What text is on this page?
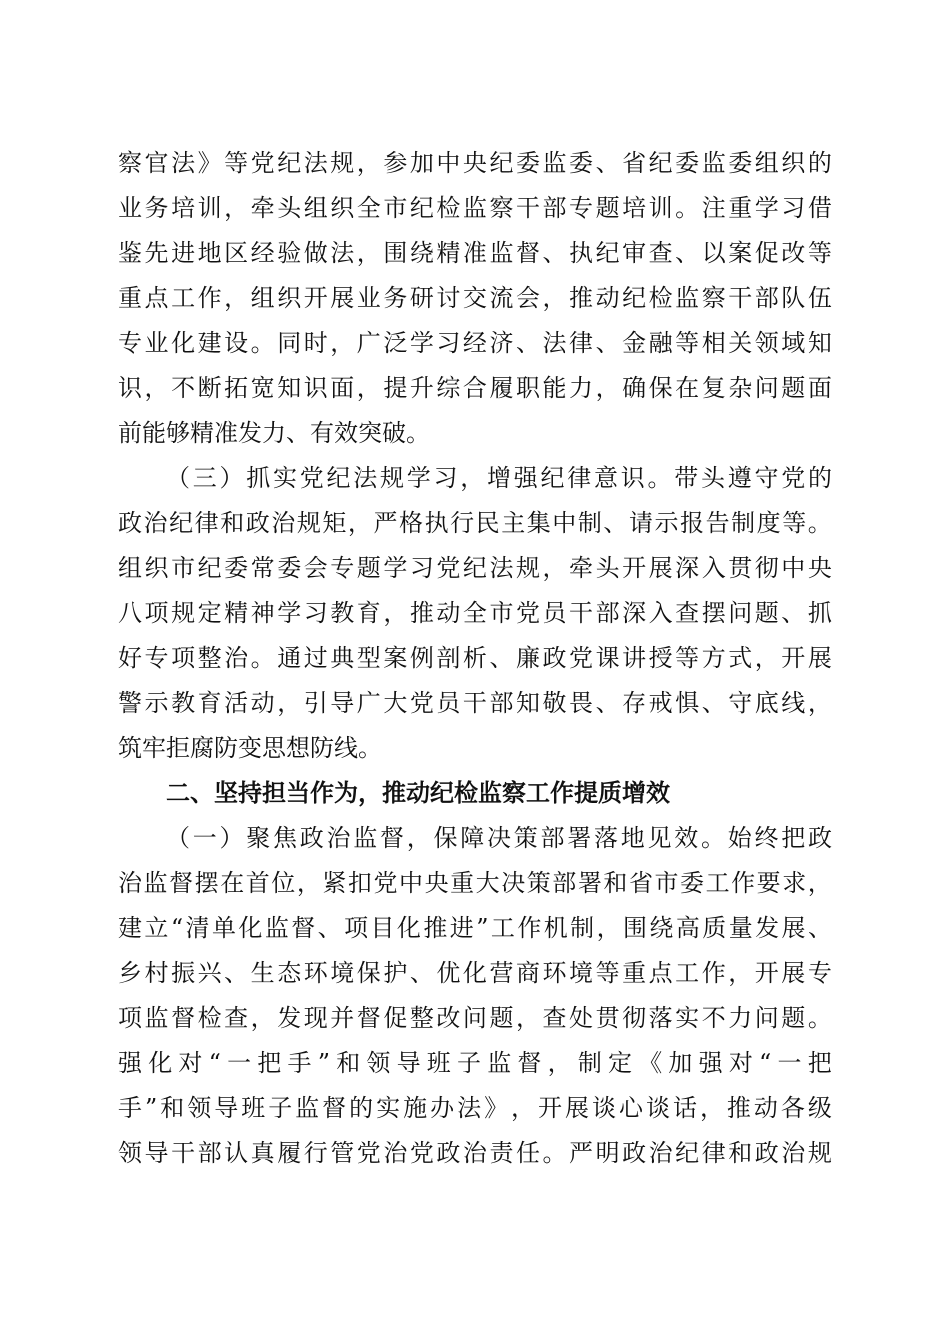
察 官 法 》 等 党 纪 法 规 ， 参 加 中 央 纪 委 监 委 、 省 纪 委 监 委 组 织 的
业 务 培 训 ， 牵 头 组 织 全 市 纪 检 监 察 干 部 专 题 培 训 。 注 重 学 习 借
鉴 先 进 地 区 经 验 做 法 ， 围 绕 精 准 监 督 、 执 纪 审 查 、 以 案 促 改 等
重 点 工 作 ， 组 织 开 展 业 务 研 讨 交 流 会 ， 推 动 纪 检 监 察 干 部 队 伍
专 业 化 建 设 。 同 时 ， 广 泛 学 习 经 济 、 法 律 、 金 融 等 相 关 领 域 知
识 ， 不 断 拓 宽 知 识 面 ， 提 升 综 合 履 职 能 力 ， 确 保 在 复 杂 问 题 面
前能够精准发力、有效突破。
（ 三 ） 抓 实 党 纪 法 规 学 习 ， 增 强 纪 律 意 识 。 带 头 遵 守 党 的
政 治 纪 律 和 政 治 规 矩 ， 严 格 执 行 民 主 集 中 制 、 请 示 报 告 制 度 等 。
组 织 市 纪 委 常 委 会 专 题 学 习 党 纪 法 规 ， 牵 头 开 展 深 入 贯 彻 中 央
八 项 规 定 精 神 学 习 教 育 ， 推 动 全 市 党 员 干 部 深 入 查 摆 问 题 、 抓
好 专 项 整 治 。 通 过 典 型 案 例 剖 析 、 廉 政 党 课 讲 授 等 方 式 ， 开 展
警 示 教 育 活 动 ， 引 导 广 大 党 员 干 部 知 敬 畏 、 存 戒 惧 、 守 底 线 ，
筑牢拒腐防变思想防线。
二、坚持担当作为，推动纪检监察工作提质增效
（ 一 ） 聚 焦 政 治 监 督 ， 保 障 决 策 部 署 落 地 见 效 。 始 终 把 政
治 监 督 摆 在 首 位 ， 紧 扣 党 中 央 重 大 决 策 部 署 和 省 市 委 工 作 要 求 ，
建 立 “ 清 单 化 监 督 、 项 目 化 推 进 ” 工 作 机 制 ， 围 绕 高 质 量 发 展 、
乡 村 振 兴 、 生 态 环 境 保 护 、 优 化 营 商 环 境 等 重 点 工 作 ， 开 展 专
项 监 督 检 查 ， 发 现 并 督 促 整 改 问 题 ， 查 处 贯 彻 落 实 不 力 问 题 。
强 化 对 “ 一 把 手 ” 和 领 导 班 子 监 督 ， 制 定 《 加 强 对 “ 一 把
手 ” 和 领 导 班 子 监 督 的 实 施 办 法 》 ， 开 展 谈 心 谈 话 ， 推 动 各 级
领 导 干 部 认 真 履 行 管 党 治 党 政 治 责 任 。 严 明 政 治 纪 律 和 政 治 规
